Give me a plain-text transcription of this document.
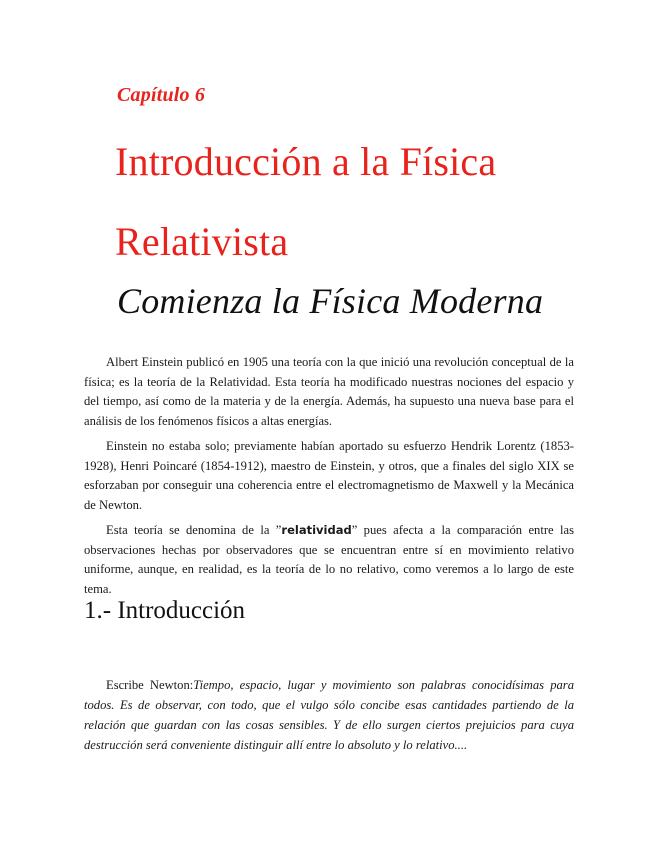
Capítulo 6
Introducción a la Física Relativista
Comienza la Física Moderna

Albert Einstein publicó en 1905 una teoría con la que inició una revolución conceptual de la física; es la teoría de la Relatividad. Esta teoría ha modificado nuestras nociones del espacio y del tiempo, así como de la materia y de la energía. Además, ha supuesto una nueva base para el análisis de los fenómenos físicos a altas energías.

Einstein no estaba solo; previamente habían aportado su esfuerzo Hendrik Lorentz (1853-1928), Henri Poincaré (1854-1912), maestro de Einstein, y otros, que a finales del siglo XIX se esforzaban por conseguir una coherencia entre el electromagnetismo de Maxwell y la Mecánica de Newton.

Esta teoría se denomina de la ”relatividad” pues afecta a la comparación entre las observaciones hechas por observadores que se encuentran entre sí en movimiento relativo uniforme, aunque, en realidad, es la teoría de lo no relativo, como veremos a lo largo de este tema.

1.- Introducción

Escribe Newton:Tiempo, espacio, lugar y movimiento son palabras conocidísimas para todos. Es de observar, con todo, que el vulgo sólo concibe esas cantidades partiendo de la relación que guardan con las cosas sensibles. Y de ello surgen ciertos prejuicios para cuya destrucción será conveniente distinguir allí entre lo absoluto y lo relativo....
